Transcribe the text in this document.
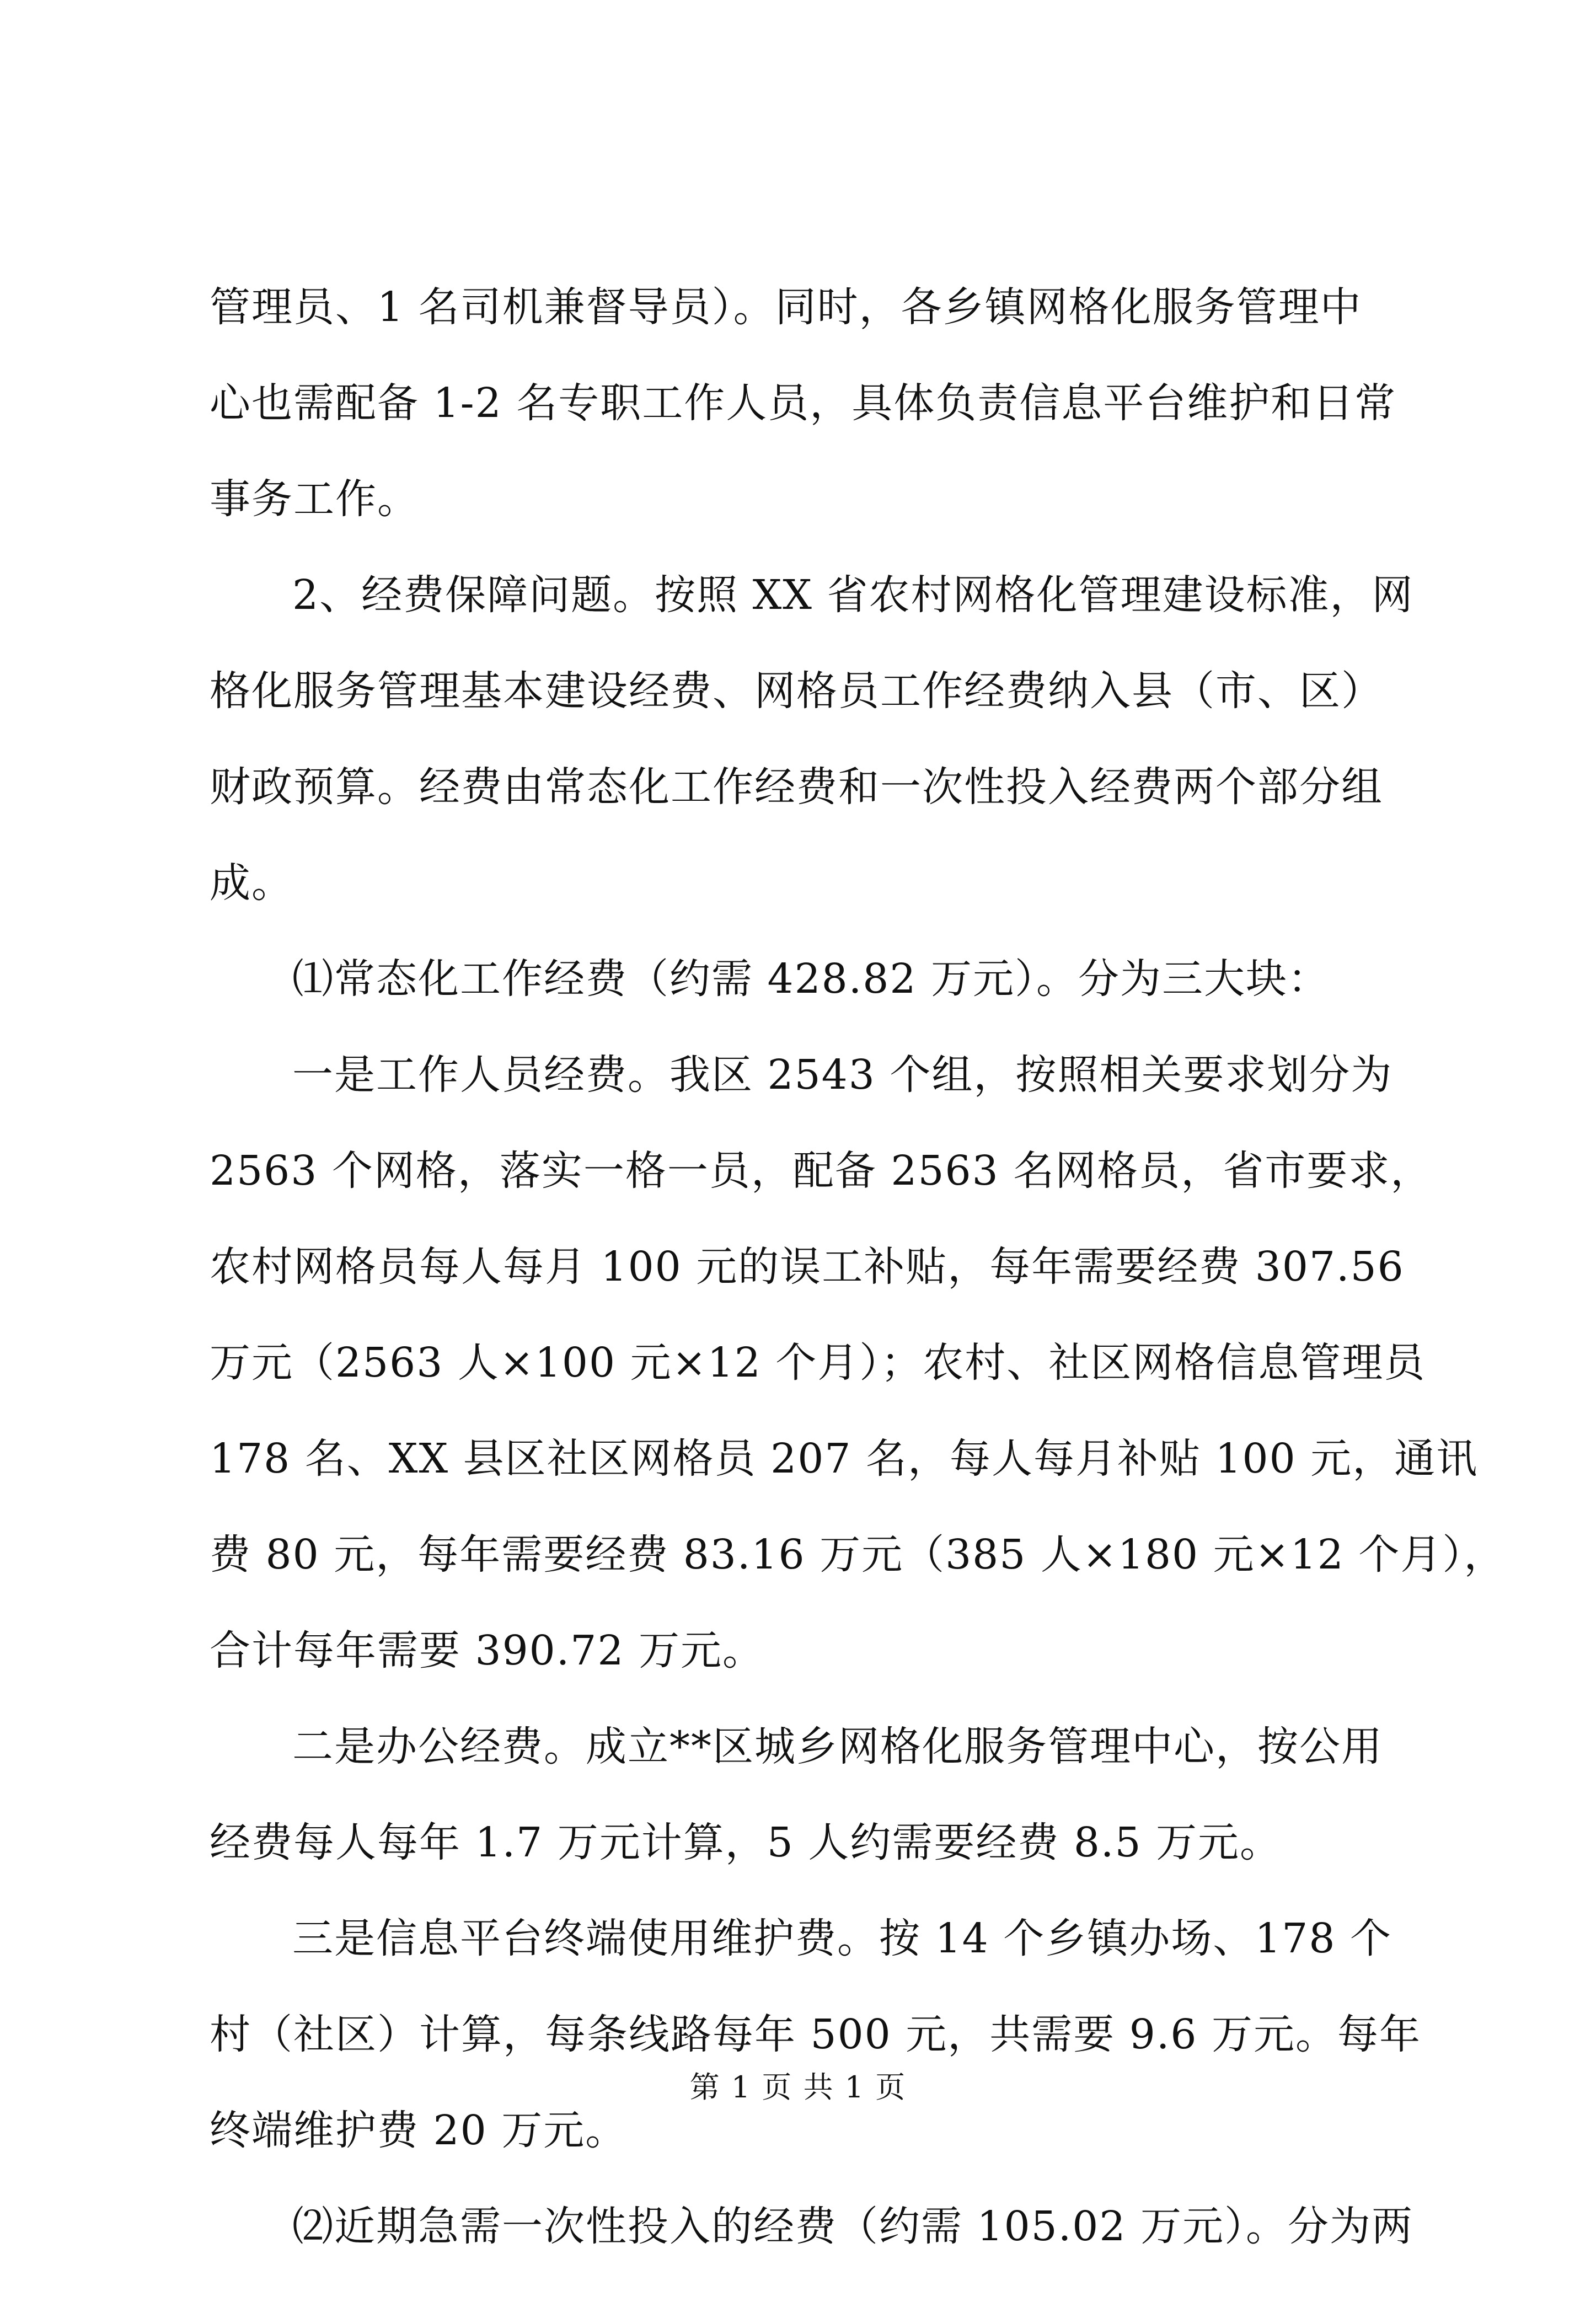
管理员、1 名司机兼督导员）。同时，各乡镇网格化服务管理中
心也需配备 1-2 名专职工作人员，具体负责信息平台维护和日常
事务工作。
2、经费保障问题。按照 XX 省农村网格化管理建设标准，网
格化服务管理基本建设经费、网格员工作经费纳入县（市、区）
财政预算。经费由常态化工作经费和一次性投入经费两个部分组
成。
⑴常态化工作经费（约需 428.82 万元）。分为三大块：
一是工作人员经费。我区 2543 个组，按照相关要求划分为
2563 个网格，落实一格一员，配备 2563 名网格员，省市要求，
农村网格员每人每月 100 元的误工补贴，每年需要经费 307.56
万元（2563 人×100 元×12 个月）；农村、社区网格信息管理员
178 名、XX 县区社区网格员 207 名，每人每月补贴 100 元，通讯
费 80 元，每年需要经费 83.16 万元（385 人×180 元×12 个月），
合计每年需要 390.72 万元。
二是办公经费。成立**区城乡网格化服务管理中心，按公用
经费每人每年 1.7 万元计算，5 人约需要经费 8.5 万元。
三是信息平台终端使用维护费。按 14 个乡镇办场、178 个
村（社区）计算，每条线路每年 500 元，共需要 9.6 万元。每年
终端维护费 20 万元。
⑵近期急需一次性投入的经费（约需 105.02 万元）。分为两
第 1 页 共 1 页
